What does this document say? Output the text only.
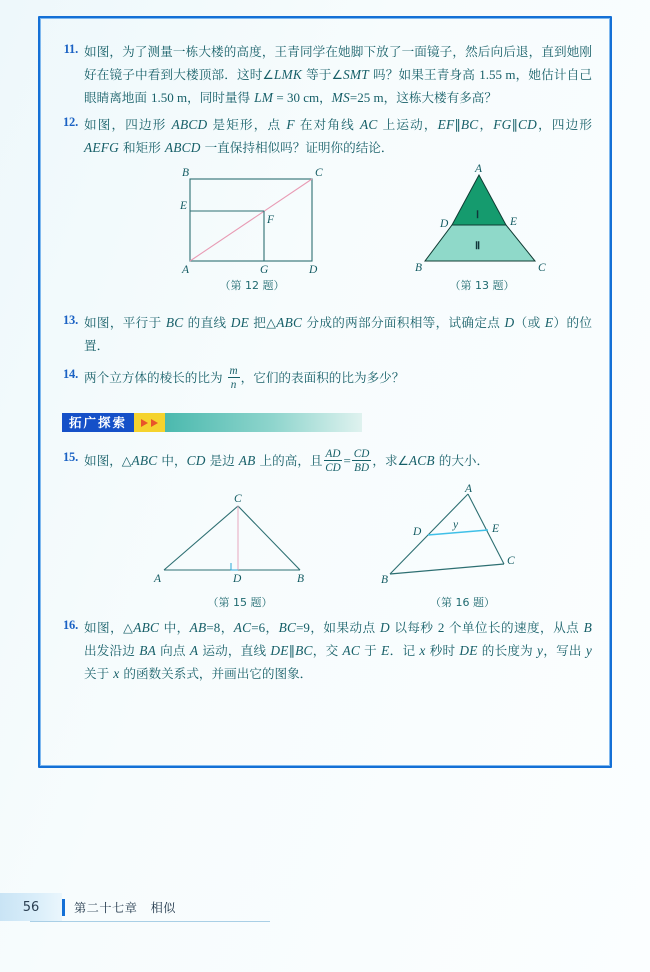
11. 如图，为了测量一栋大楼的高度，王青同学在她脚下放了一面镜子，然后向后退，直到她刚好在镜子中看到大楼顶部．这时∠LMK 等于∠SMT 吗？如果王青身高 1.55 m，她估计自己眼睛离地面 1.50 m，同时量得 LM = 30 cm，MS=25 m，这栋大楼有多高？
12. 如图，四边形 ABCD 是矩形，点 F 在对角线 AC 上运动，EF∥BC，FG∥CD，四边形 AEFG 和矩形 ABCD 一直保持相似吗？证明你的结论．
B	C
E
F
A	G	D
（第 12 题）
A
D	E
B	C
Ⅰ
Ⅱ
（第 13 题）
13. 如图，平行于 BC 的直线 DE 把△ABC 分成的两部分面积相等，试确定点 D（或 E）的位置．
14. 两个立方体的棱长的比为 $\frac{m}{n}$ ，它们的表面积的比为多少？
拓广探索
15. 如图，△ABC 中，CD 是边 AB 上的高，且 $\frac{AD}{CD} = \frac{CD}{BD}$ ，求∠ACB 的大小．
C
A	D	B
（第 15 题）
A
D	E
B
C
y
（第 16 题）
16. 如图，△ABC 中，AB=8，AC=6，BC=9，如果动点 D 以每秒 2 个单位长的速度，从点 B 出发沿边 BA 向点 A 运动，直线 DE∥BC，交 AC 于 E．记 x 秒时 DE 的长度为 y，写出 y 关于 x 的函数关系式，并画出它的图象．
56	第二十七章 相似
